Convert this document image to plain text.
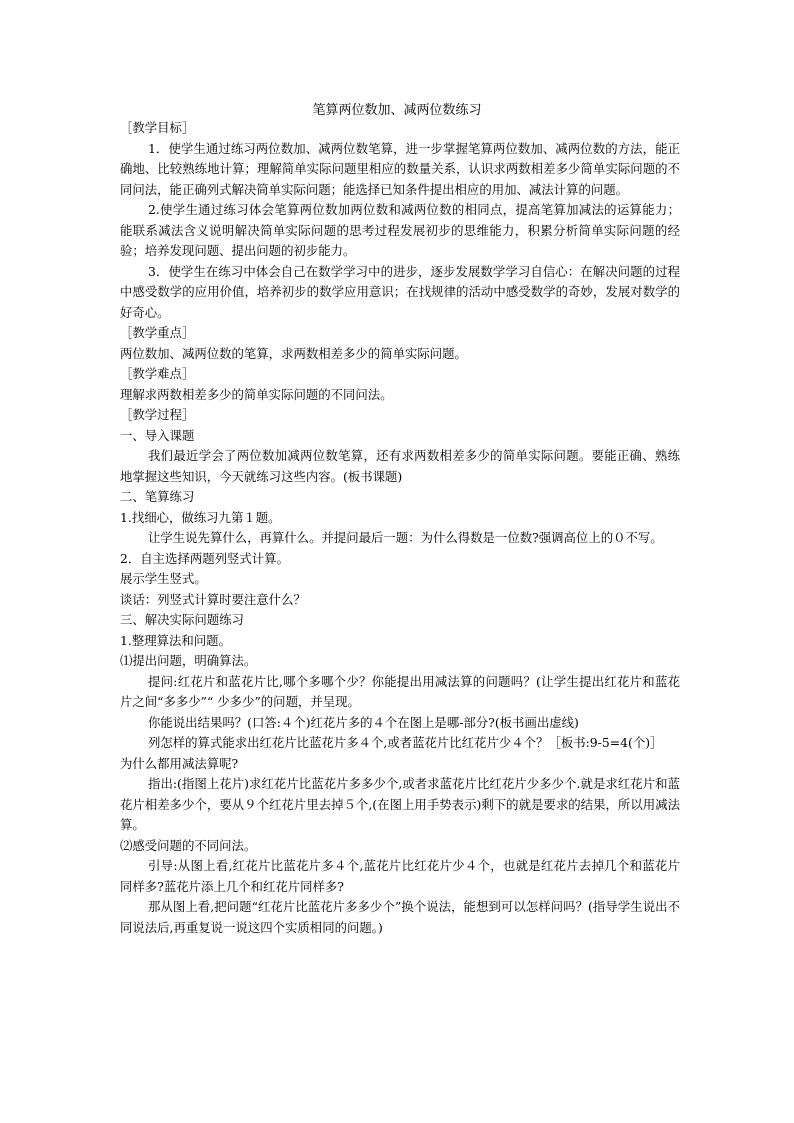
笔算两位数加、减两位数练习

［教学目标］

1．使学生通过练习两位数加、减两位数笔算，进一步掌握笔算两位数加、减两位数的方法，能正确地、比较熟练地计算；理解简单实际问题里相应的数量关系，认识求两数相差多少简单实际问题的不同问法，能正确列式解决简单实际问题；能选择已知条件提出相应的用加、减法计算的问题。

2.使学生通过练习体会笔算两位数加两位数和减两位数的相同点，提高笔算加减法的运算能力；能联系减法含义说明解决简单实际问题的思考过程发展初步的思维能力，积累分析简单实际问题的经验；培养发现问题、提出问题的初步能力。

3．使学生在练习中体会自己在数学学习中的进步，逐步发展数学学习自信心：在解决问题的过程中感受数学的应用价值，培养初步的数学应用意识；在找规律的活动中感受数学的奇妙，发展对数学的好奇心。

［教学重点］

两位数加、减两位数的笔算，求两数相差多少的简单实际问题。

［教学难点］

理解求两数相差多少的简单实际问题的不同问法。

［教学过程］

一、导入课题

我们最近学会了两位数加减两位数笔算，还有求两数相差多少的简单实际问题。要能正确、熟练地掌握这些知识，今天就练习这些内容。(板书课题)

二、笔算练习

1.找细心，做练习九第１题。

让学生说先算什么，再算什么。并提问最后一题：为什么得数是一位数?强调高位上的０不写。

2．自主选择两题列竖式计算。

展示学生竖式。

谈话：列竖式计算时要注意什么？

三、解决实际问题练习

1.整理算法和问题。

⑴提出问题，明确算法。

提问:红花片和蓝花片比,哪个多哪个少？你能提出用减法算的问题吗？(让学生提出红花片和蓝花片之间“多多少”“ 少多少”的问题，并呈现。

你能说出结果吗？(口答:４个)红花片多的４个在图上是哪-部分?(板书画出虚线)

列怎样的算式能求出红花片比蓝花片多４个,或者蓝花片比红花片少４个？［板书:9-5=4(个)］

为什么都用减法算呢?

指出:(指图上花片)求红花片比蓝花片多多少个,或者求蓝花片比红花片少多少个.就是求红花片和蓝花片相差多少个，要从９个红花片里去掉５个,(在图上用手势表示)剩下的就是要求的结果，所以用减法算。

⑵感受问题的不同问法。

引导:从图上看,红花片比蓝花片多４个,蓝花片比红花片少４个，也就是红花片去掉几个和蓝花片同样多?蓝花片添上几个和红花片同样多?

那从图上看,把问题“红花片比蓝花片多多少个”换个说法，能想到可以怎样问吗？(指导学生说出不同说法后,再重复说一说这四个实质相同的问题。)
